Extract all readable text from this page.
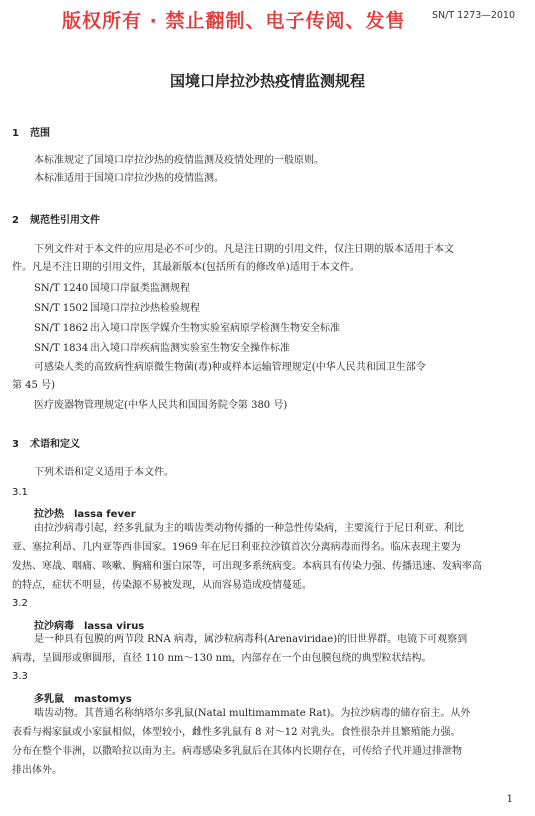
版权所有 · 禁止翻制、电子传阅、发售	SN/T 1273—2010
国境口岸拉沙热疫情监测规程
1 范围
本标准规定了国境口岸拉沙热的疫情监测及疫情处理的一般原则。
本标准适用于国境口岸拉沙热的疫情监测。
2 规范性引用文件
下列文件对于本文件的应用是必不可少的。凡是注日期的引用文件，仅注日期的版本适用于本文
件。凡是不注日期的引用文件，其最新版本(包括所有的修改单)适用于本文件。
SN/T 1240 国境口岸鼠类监测规程
SN/T 1502 国境口岸拉沙热检验规程
SN/T 1862 出入境口岸医学媒介生物实验室病原学检测生物安全标准
SN/T 1834 出入境口岸疾病监测实验室生物安全操作标准
可感染人类的高致病性病原微生物菌(毒)种或样本运输管理规定(中华人民共和国卫生部令
第 45 号)
医疗废器物管理规定(中华人民共和国国务院令第 380 号)
3 术语和定义
下列术语和定义适用于本文件。
3.1
拉沙热 lassa fever
由拉沙病毒引起，经多乳鼠为主的啮齿类动物传播的一种急性传染病，主要流行于尼日利亚、利比
亚、塞拉利昂、几内亚等西非国家。1969 年在尼日利亚拉沙镇首次分离病毒而得名。临床表现主要为
发热、寒战、咽痛、咳嗽、胸痛和蛋白尿等，可出现多系统病变。本病具有传染力强、传播迅速、发病率高
的特点，症状不明显，传染源不易被发现，从而容易造成疫情蔓延。
3.2
拉沙病毒 lassa virus
是一种具有包膜的两节段 RNA 病毒，属沙粒病毒科(Arenaviridae)的旧世界群。电镜下可观察到
病毒，呈圆形或卵圆形，直径 110 nm～130 nm，内部存在一个由包膜包绕的典型粒状结构。
3.3
多乳鼠 mastomys
啮齿动物。其普通名称纳塔尔多乳鼠(Natal multimammate Rat)。为拉沙病毒的储存宿主。从外
表看与褐家鼠或小家鼠相似，体型较小，雌性多乳鼠有 8 对～12 对乳头。食性很杂并且繁殖能力强。
分布在整个非洲，以撒哈拉以南为主。病毒感染多乳鼠后在其体内长期存在，可传给子代并通过排泄物
排出体外。
1
